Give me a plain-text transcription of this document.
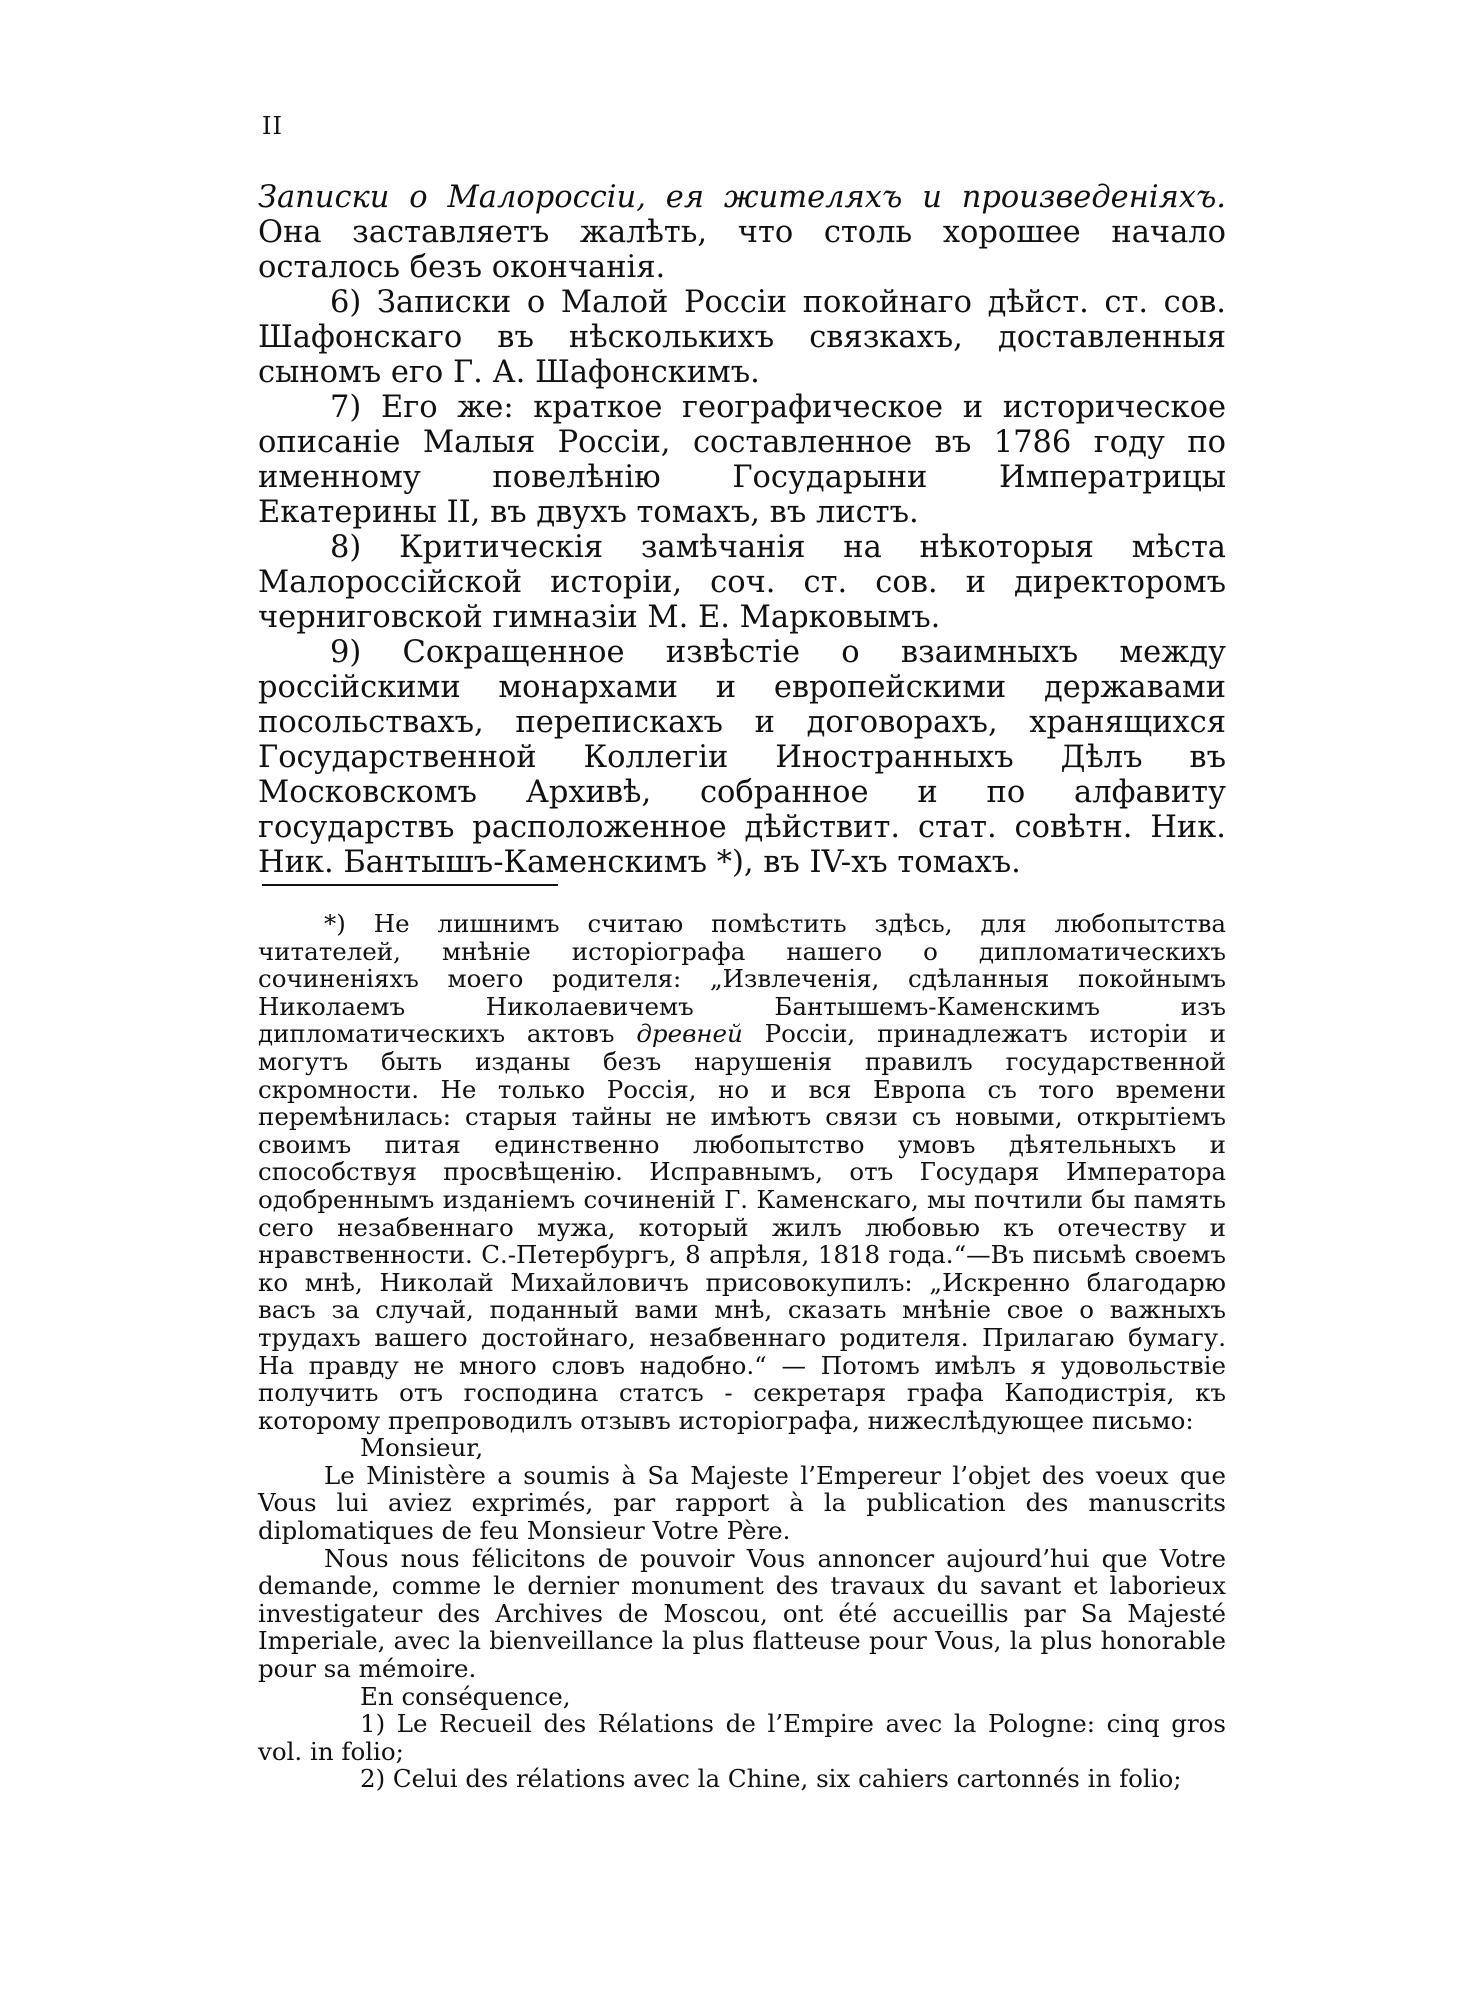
II

Записки о Малороссіи, ея жителяхъ и произведеніяхъ. Она заставляетъ жалѣть, что столь хорошее начало осталось безъ окончанія.

6) Записки о Малой Россіи покойнаго дѣйст. ст. сов. Шафонскаго въ нѣсколькихъ связкахъ, доставленныя сыномъ его Г. А. Шафонскимъ.

7) Его же: краткое географическое и историческое описаніе Малыя Россіи, составленное въ 1786 году по именному повелѣнію Государыни Императрицы Екатерины II, въ двухъ томахъ, въ листъ.

8) Критическія замѣчанія на нѣкоторыя мѣста Малороссійской исторіи, соч. ст. сов. и директоромъ черниговской гимназіи М. Е. Марковымъ.

9) Сокращенное извѣстіе о взаимныхъ между россійскими монархами и европейскими державами посольствахъ, перепискахъ и договорахъ, хранящихся Государственной Коллегіи Иностранныхъ Дѣлъ въ Московскомъ Архивѣ, собранное и по алфавиту государствъ расположенное дѣйствит. стат. совѣтн. Ник. Ник. Бантышъ-Каменскимъ *), въ IV-хъ томахъ.

*) Не лишнимъ считаю помѣстить здѣсь, для любопытства читателей, мнѣніе исторіографа нашего о дипломатическихъ сочиненіяхъ моего родителя: „Извлеченія, сдѣланныя покойнымъ Николаемъ Николаевичемъ Бантышемъ-Каменскимъ изъ дипломатическихъ актовъ древней Россіи, принадлежатъ исторіи и могутъ быть изданы безъ нарушенія правилъ государственной скромности. Не только Россія, но и вся Европа съ того времени перемѣнилась: старыя тайны не имѣютъ связи съ новыми, открытіемъ своимъ питая единственно любопытство умовъ дѣятельныхъ и способствуя просвѣщенію. Исправнымъ, отъ Государя Императора одобреннымъ изданіемъ сочиненій Г. Каменскаго, мы почтили бы память сего незабвеннаго мужа, который жилъ любовью къ отечеству и нравственности. С.-Петербургъ, 8 апрѣля, 1818 года.“—Въ письмѣ своемъ ко мнѣ, Николай Михайловичъ присовокупилъ: „Искренно благодарю васъ за случай, поданный вами мнѣ, сказать мнѣніе свое о важныхъ трудахъ вашего достойнаго, незабвеннаго родителя. Прилагаю бумагу. На правду не много словъ надобно.“ — Потомъ имѣлъ я удовольствіе получить отъ господина статсъ - секретаря графа Каподистрія, къ которому препроводилъ отзывъ исторіографа, нижеслѣдующее письмо:

Monsieur,

Le Ministère a soumis à Sa Majeste l’Empereur l’objet des voeux que Vous lui aviez exprimés, par rapport à la publication des manuscrits diplomatiques de feu Monsieur Votre Père.

Nous nous félicitons de pouvoir Vous annoncer aujourd’hui que Votre demande, comme le dernier monument des travaux du savant et laborieux investigateur des Archives de Moscou, ont été accueillis par Sa Majesté Imperiale, avec la bienveillance la plus flatteuse pour Vous, la plus honorable pour sa mémoire.

En conséquence,

1) Le Recueil des Rélations de l’Empire avec la Pologne: cinq gros vol. in folio;

2) Celui des rélations avec la Chine, six cahiers cartonnés in folio;
